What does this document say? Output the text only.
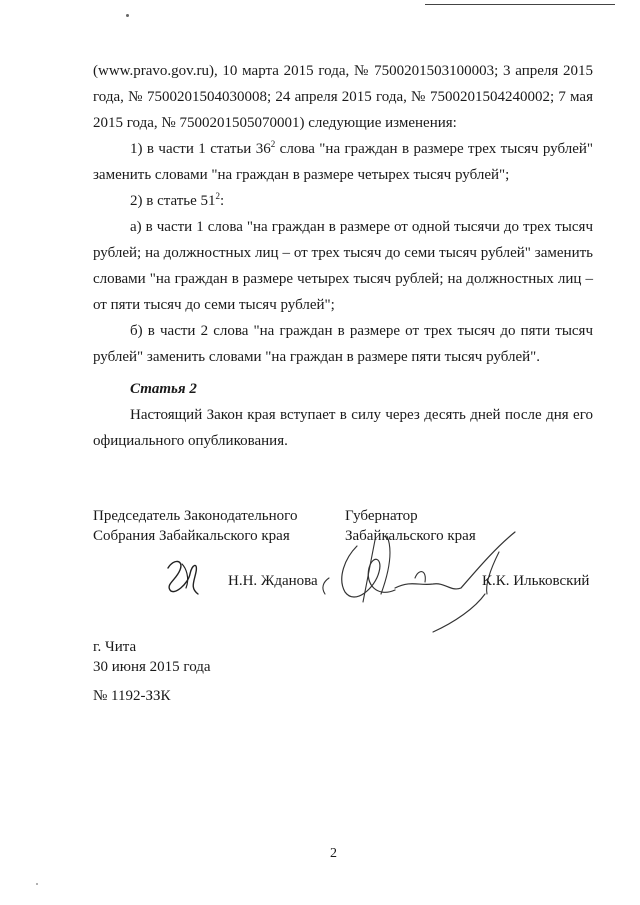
(www.pravo.gov.ru), 10 марта 2015 года, № 7500201503100003; 3 апреля 2015 года, № 7500201504030008; 24 апреля 2015 года, № 7500201504240002; 7 мая 2015 года, № 7500201505070001) следующие изменения:

1) в части 1 статьи $36^2$ слова "на граждан в размере трех тысяч рублей" заменить словами "на граждан в размере четырех тысяч рублей";

2) в статье $51^2$:

а) в части 1 слова "на граждан в размере от одной тысячи до трех тысяч рублей; на должностных лиц – от трех тысяч до семи тысяч рублей" заменить словами "на граждан в размере четырех тысяч рублей; на должностных лиц – от пяти тысяч до семи тысяч рублей";

б) в части 2 слова "на граждан в размере от трех тысяч до пяти тысяч рублей" заменить словами "на граждан в размере пяти тысяч рублей".

Статья 2

Настоящий Закон края вступает в силу через десять дней после дня его официального опубликования.

Председатель Законодательного
Собрания Забайкальского края
Губернатор
Забайкальского края
Н.Н. Жданова	К.К. Ильковский
г. Чита
30 июня 2015 года
№ 1192-ЗЗК
2
